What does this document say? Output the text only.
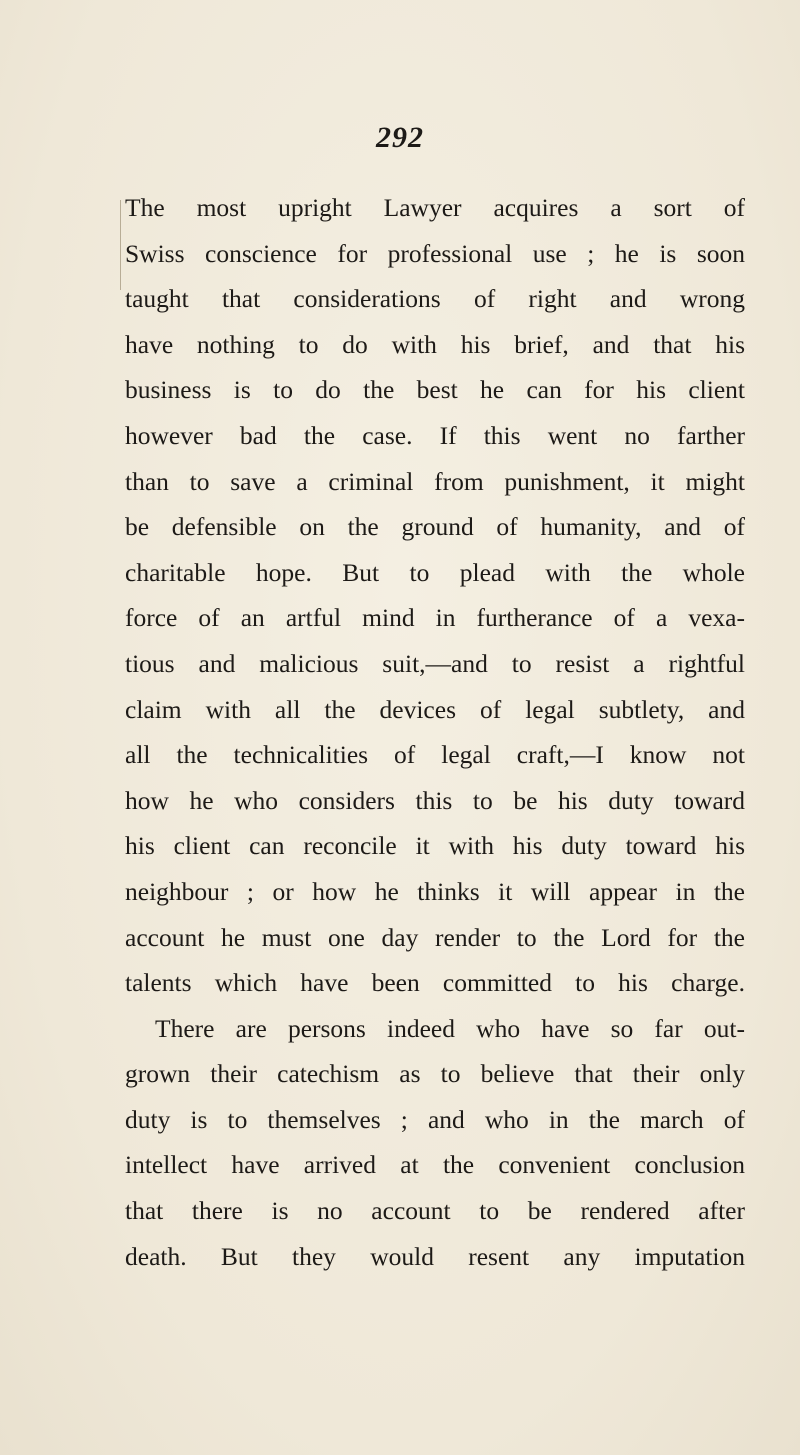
292
The most upright Lawyer acquires a sort of
Swiss conscience for professional use ; he is soon
taught that considerations of right and wrong
have nothing to do with his brief, and that his
business is to do the best he can for his client
however bad the case. If this went no farther
than to save a criminal from punishment, it might
be defensible on the ground of humanity, and of
charitable hope. But to plead with the whole
force of an artful mind in furtherance of a vexa-
tious and malicious suit,—and to resist a rightful
claim with all the devices of legal subtlety, and
all the technicalities of legal craft,—I know not
how he who considers this to be his duty toward
his client can reconcile it with his duty toward his
neighbour ; or how he thinks it will appear in the
account he must one day render to the Lord for the
talents which have been committed to his charge.
There are persons indeed who have so far out-
grown their catechism as to believe that their only
duty is to themselves ; and who in the march of
intellect have arrived at the convenient conclusion
that there is no account to be rendered after
death. But they would resent any imputation
